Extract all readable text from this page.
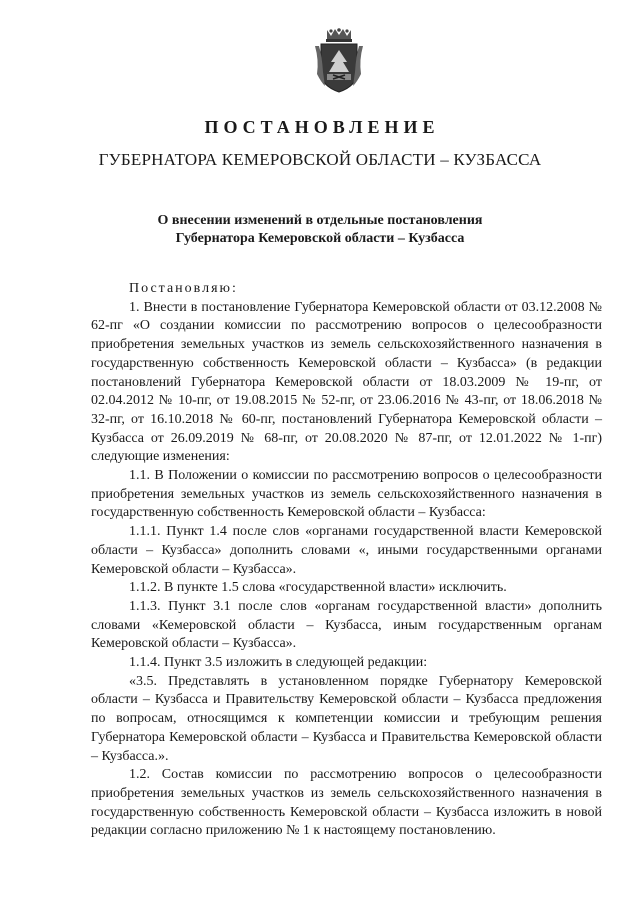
ПОСТАНОВЛЕНИЕ
ГУБЕРНАТОРА КЕМЕРОВСКОЙ ОБЛАСТИ – КУЗБАССА
О внесении изменений в отдельные постановления
Губернатора Кемеровской области – Кузбасса

Постановляю:

1. Внести в постановление Губернатора Кемеровской области от 03.12.2008 № 62-пг «О создании комиссии по рассмотрению вопросов о целесообразности приобретения земельных участков из земель сельскохозяйственного назначения в государственную собственность Кемеровской области – Кузбасса» (в редакции постановлений Губернатора Кемеровской области от 18.03.2009 № 19-пг, от 02.04.2012 № 10-пг, от 19.08.2015 № 52-пг, от 23.06.2016 № 43-пг, от 18.06.2018 № 32-пг, от 16.10.2018 № 60-пг, постановлений Губернатора Кемеровской области – Кузбасса от 26.09.2019 № 68-пг, от 20.08.2020 № 87-пг, от 12.01.2022 № 1-пг) следующие изменения:

1.1. В Положении о комиссии по рассмотрению вопросов о целесообразности приобретения земельных участков из земель сельскохозяйственного назначения в государственную собственность Кемеровской области – Кузбасса:

1.1.1. Пункт 1.4 после слов «органами государственной власти Кемеровской области – Кузбасса» дополнить словами «, иными государственными органами Кемеровской области – Кузбасса».

1.1.2. В пункте 1.5 слова «государственной власти» исключить.

1.1.3. Пункт 3.1 после слов «органам государственной власти» дополнить словами «Кемеровской области – Кузбасса, иным государственным органам Кемеровской области – Кузбасса».

1.1.4. Пункт 3.5 изложить в следующей редакции:

«3.5. Представлять в установленном порядке Губернатору Кемеровской области – Кузбасса и Правительству Кемеровской области – Кузбасса предложения по вопросам, относящимся к компетенции комиссии и требующим решения Губернатора Кемеровской области – Кузбасса и Правительства Кемеровской области – Кузбасса.».

1.2. Состав комиссии по рассмотрению вопросов о целесообразности приобретения земельных участков из земель сельскохозяйственного назначения в государственную собственность Кемеровской области – Кузбасса изложить в новой редакции согласно приложению № 1 к настоящему постановлению.
